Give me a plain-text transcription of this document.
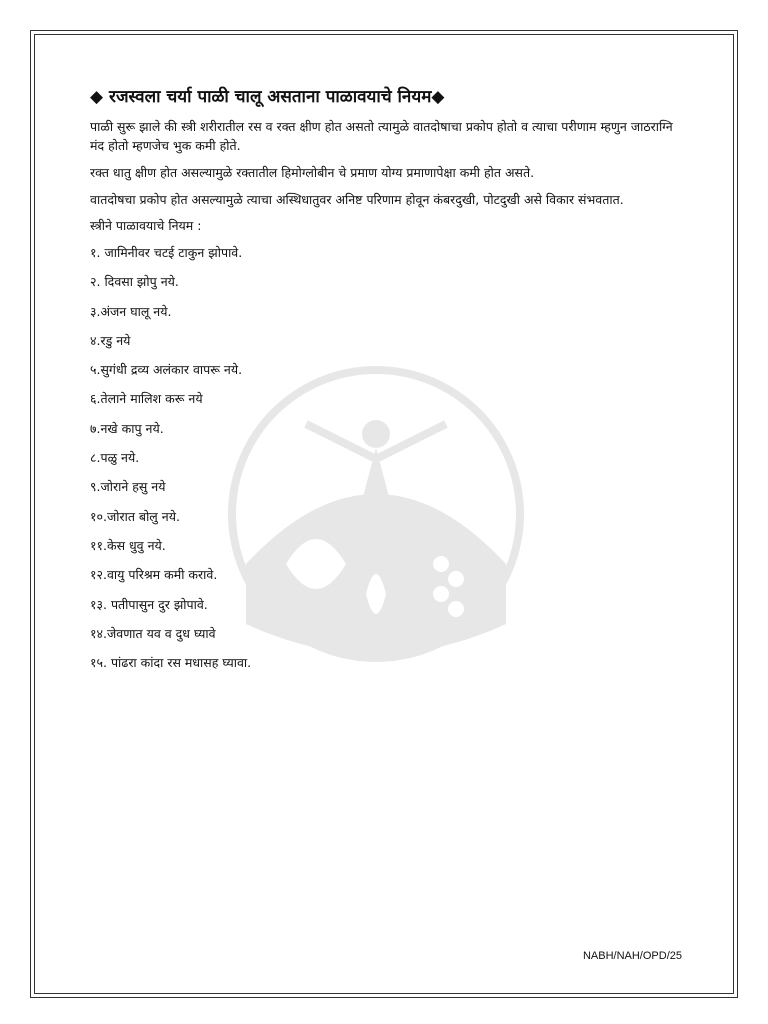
◆ रजस्वला चर्या पाळी चालू असताना पाळावयाचे नियम◆

पाळी सुरू झाले की स्त्री शरीरातील रस व रक्त क्षीण होत असतो त्यामुळे वातदोषाचा प्रकोप होतो व त्याचा परीणाम म्हणुन जाठराग्नि मंद होतो म्हणजेच भुक कमी होते.

रक्त धातु क्षीण होत असल्यामुळे रक्तातील हिमोग्लोबीन चे प्रमाण योग्य प्रमाणापेक्षा कमी होत असते.

वातदोषचा प्रकोप होत असल्यामुळे त्याचा अस्थिधातुवर अनिष्ट परिणाम होवून कंबरदुखी, पोटदुखी असे विकार संभवतात.

स्त्रीने पाळावयाचे नियम :

१. जामिनीवर चटई टाकुन झोपावे.
२. दिवसा झोपु नये.
३.अंजन घालू नये.
४.रडु नये
५.सुगंधी द्रव्य अलंकार वापरू नये.
६.तेलाने मालिश करू नये
७.नखे कापु नये.
८.पळु नये.
९.जोराने हसु नये
१०.जोरात बोलु नये.
११.केस धुवु नये.
१२.वायु परिश्रम कमी करावे.
१३. पतीपासुन दुर झोपावे.
१४.जेवणात यव व दुध घ्यावे
१५. पांढरा कांदा रस मधासह घ्यावा.
NABH/NAH/OPD/25
